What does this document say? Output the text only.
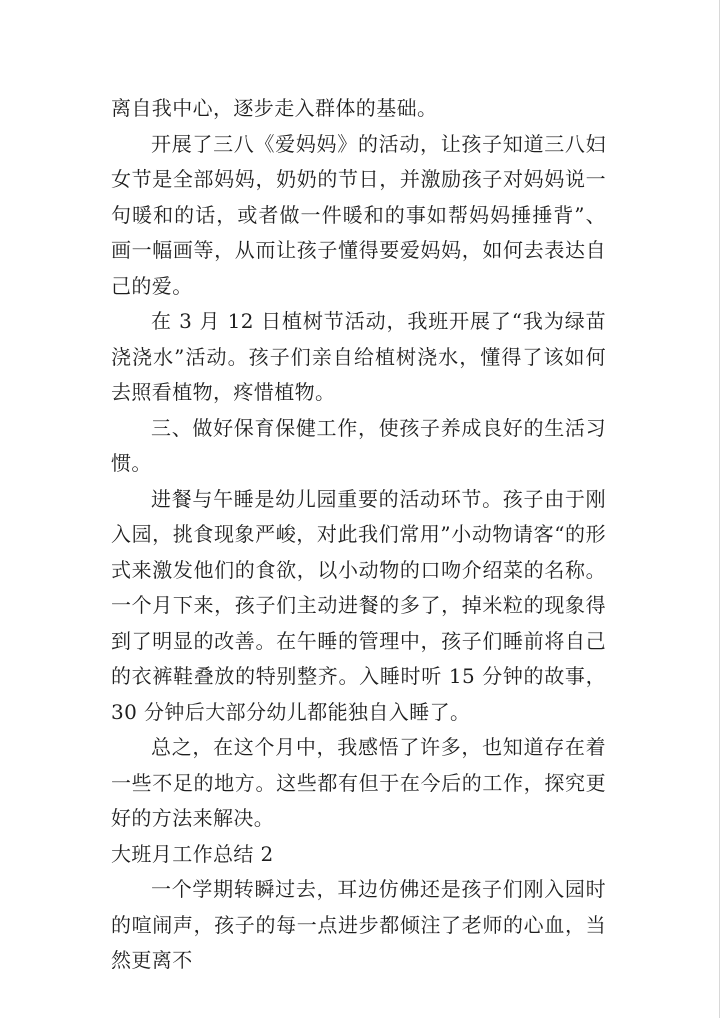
离自我中心，逐步走入群体的基础。

开展了三八《爱妈妈》的活动，让孩子知道三八妇女节是全部妈妈，奶奶的节日，并激励孩子对妈妈说一句暖和的话，或者做一件暖和的事如帮妈妈捶捶背”、画一幅画等，从而让孩子懂得要爱妈妈，如何去表达自己的爱。

在 3 月 12 日植树节活动，我班开展了“我为绿苗浇浇水”活动。孩子们亲自给植树浇水，懂得了该如何去照看植物，疼惜植物。

三、做好保育保健工作，使孩子养成良好的生活习惯。

进餐与午睡是幼儿园重要的活动环节。孩子由于刚入园，挑食现象严峻，对此我们常用”小动物请客“的形式来激发他们的食欲，以小动物的口吻介绍菜的名称。一个月下来，孩子们主动进餐的多了，掉米粒的现象得到了明显的改善。在午睡的管理中，孩子们睡前将自己的衣裤鞋叠放的特别整齐。入睡时听 15 分钟的故事，30 分钟后大部分幼儿都能独自入睡了。

总之，在这个月中，我感悟了许多，也知道存在着一些不足的地方。这些都有但于在今后的工作，探究更好的方法来解决。

大班月工作总结 2

一个学期转瞬过去，耳边仿佛还是孩子们刚入园时的喧闹声，孩子的每一点进步都倾注了老师的心血，当然更离不
